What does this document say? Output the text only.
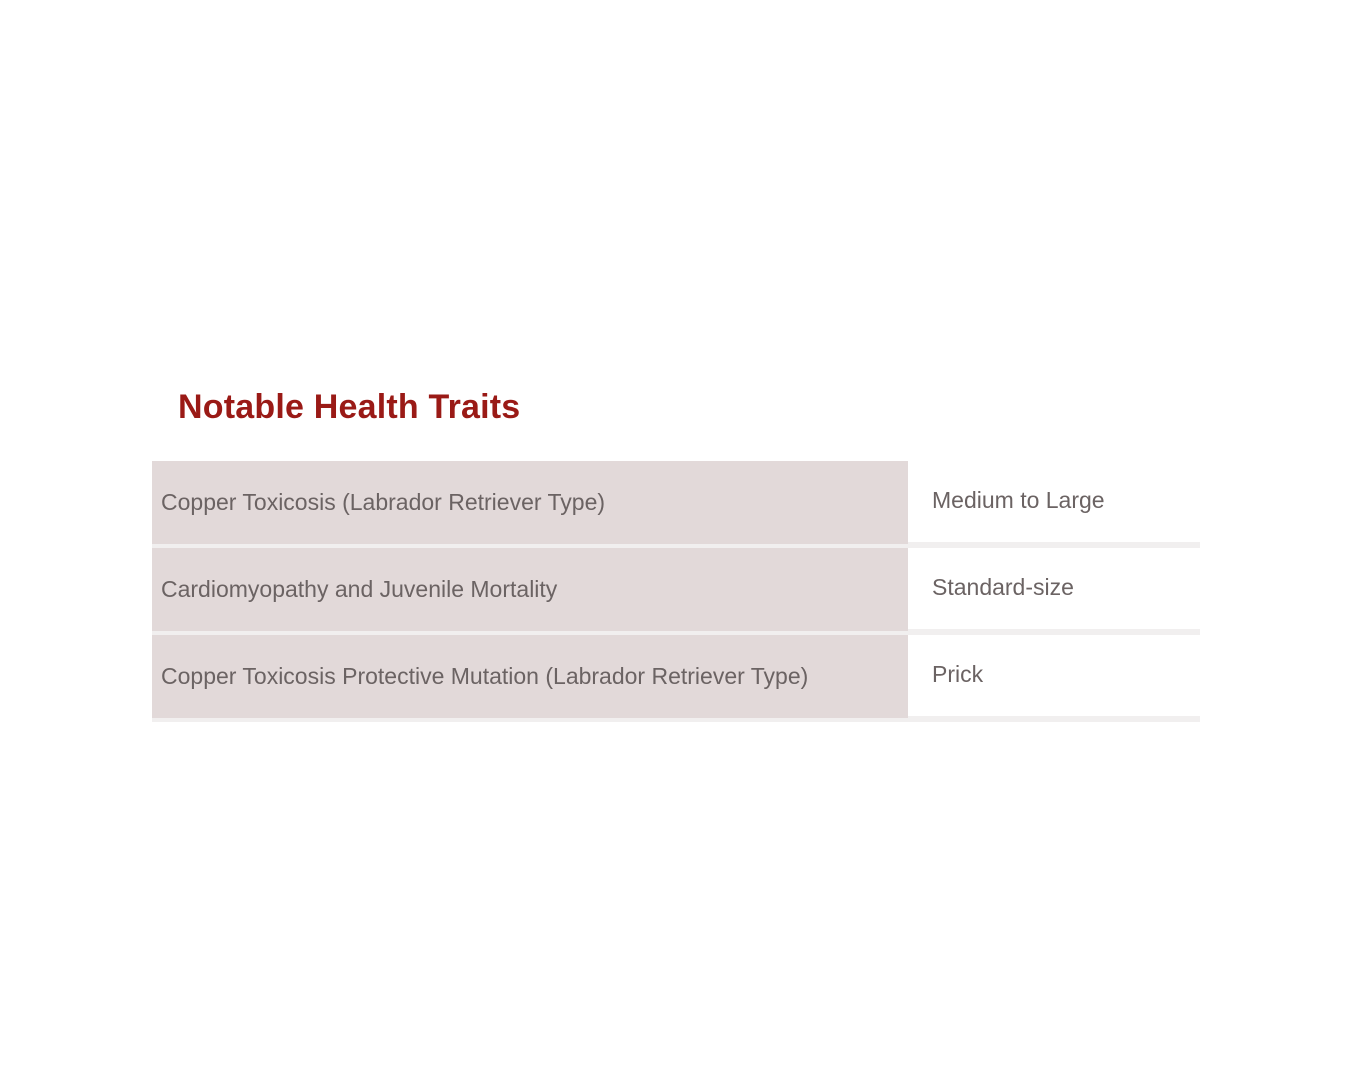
Notable Health Traits
Copper Toxicosis (Labrador Retriever Type)	Medium to Large
Cardiomyopathy and Juvenile Mortality	Standard-size
Copper Toxicosis Protective Mutation (Labrador Retriever Type)	Prick
